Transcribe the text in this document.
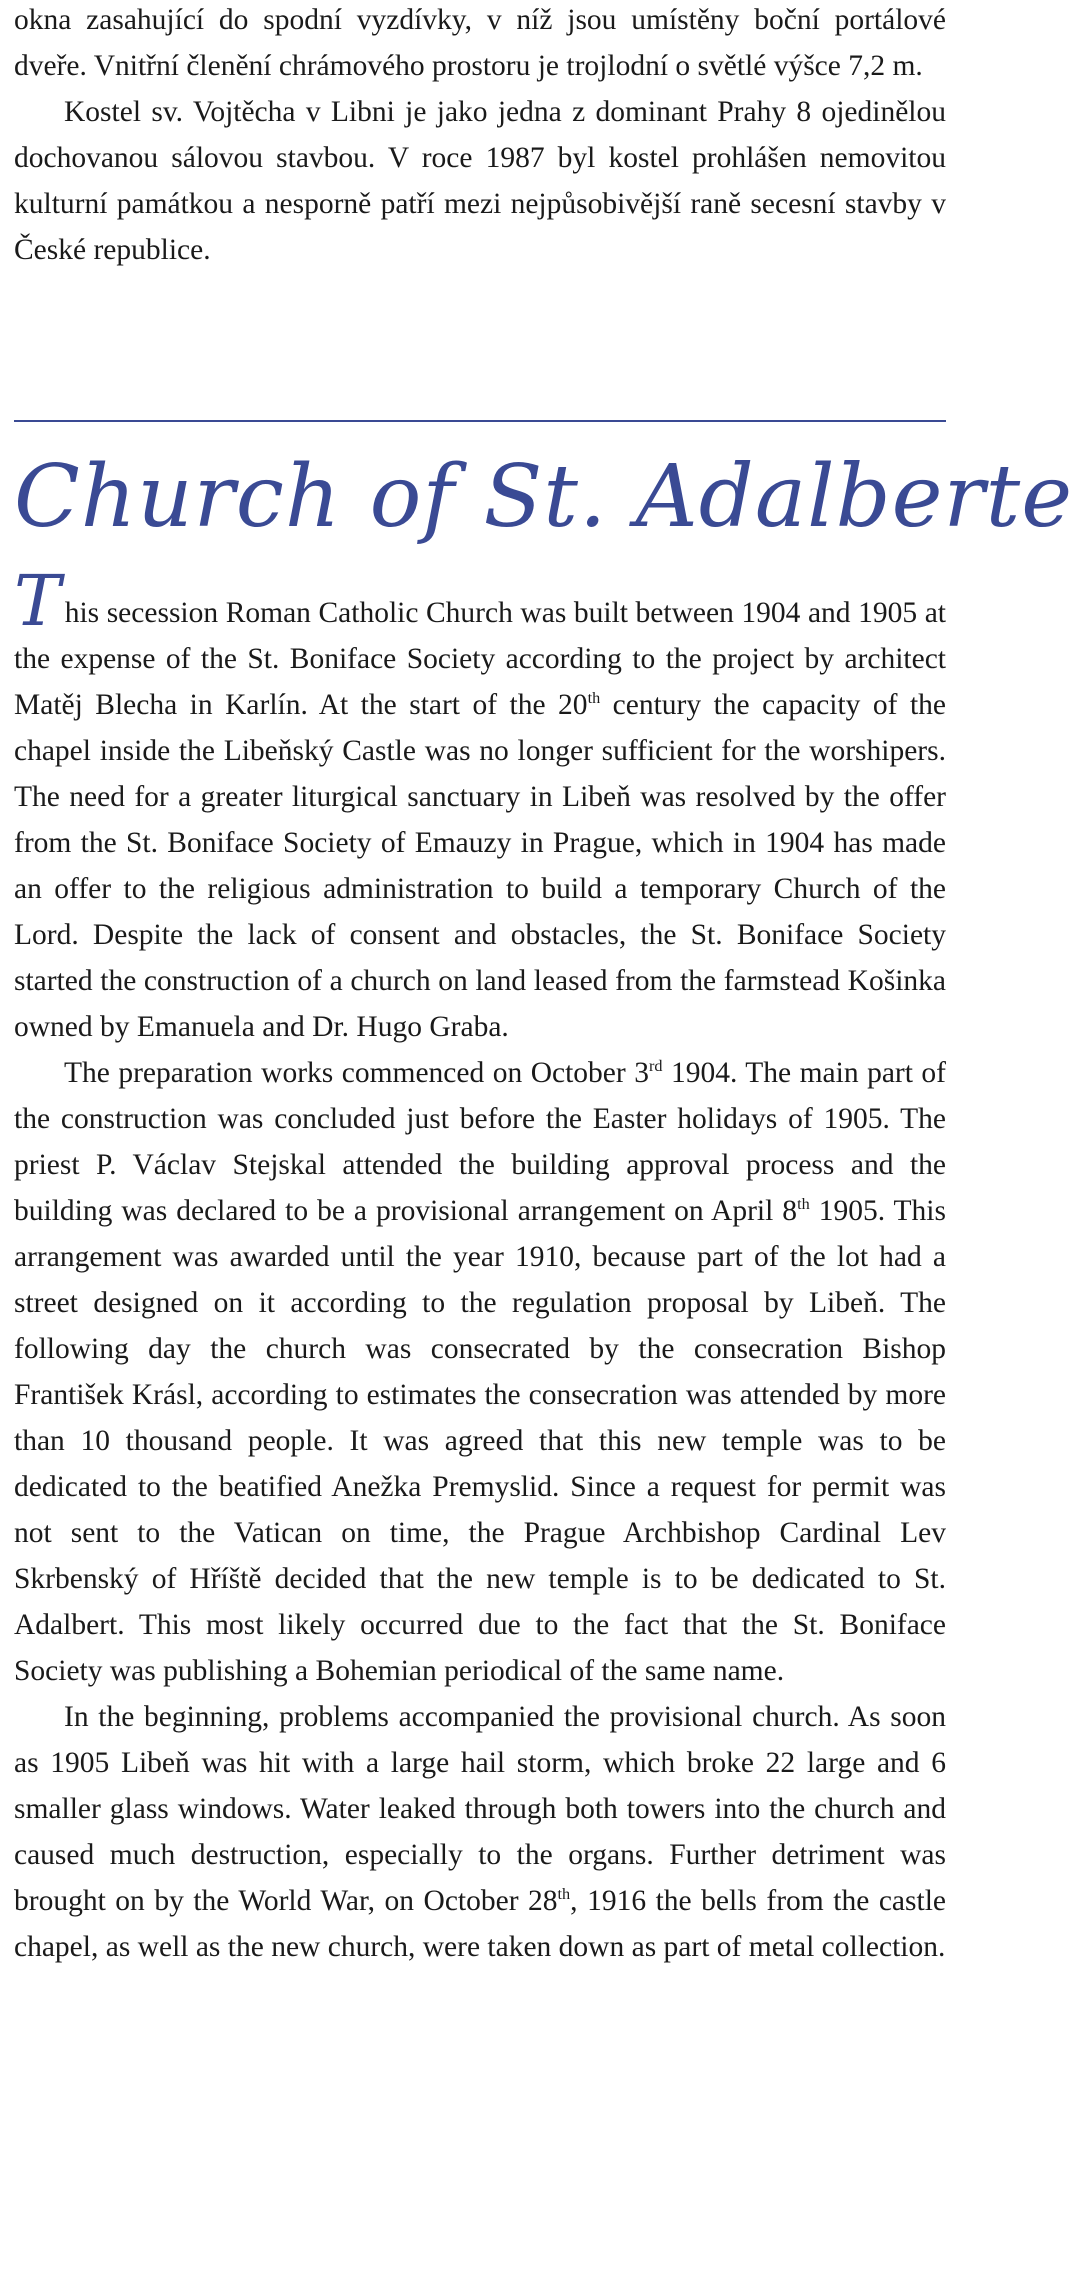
okna zasahující do spodní vyzdívky, v níž jsou umístěny boční portálové dveře. Vnitřní členění chrámového prostoru je trojlodní o světlé výšce 7,2 m.

Kostel sv. Vojtěcha v Libni je jako jedna z dominant Prahy 8 ojedinělou dochovanou sálovou stavbou. V roce 1987 byl kostel prohlášen nemovitou kulturní památkou a nesporně patří mezi nejpůsobivější raně secesní stavby v České republice.

Church of St. Adalberte

This secession Roman Catholic Church was built between 1904 and 1905 at the expense of the St. Boniface Society according to the project by architect Matěj Blecha in Karlín. At the start of the 20th century the capacity of the chapel inside the Libeňský Castle was no longer sufficient for the worshipers. The need for a greater liturgical sanctuary in Libeň was resolved by the offer from the St. Boniface Society of Emauzy in Prague, which in 1904 has made an offer to the religious administration to build a temporary Church of the Lord. Despite the lack of consent and obstacles, the St. Boniface Society started the construction of a church on land leased from the farmstead Košinka owned by Emanuela and Dr. Hugo Graba.

The preparation works commenced on October 3rd 1904. The main part of the construction was concluded just before the Easter holidays of 1905. The priest P. Václav Stejskal attended the building approval process and the building was declared to be a provisional arrangement on April 8th 1905. This arrangement was awarded until the year 1910, because part of the lot had a street designed on it according to the regulation proposal by Libeň. The following day the church was consecrated by the consecration Bishop František Krásl, according to estimates the consecration was attended by more than 10 thousand people. It was agreed that this new temple was to be dedicated to the beatified Anežka Premyslid. Since a request for permit was not sent to the Vatican on time, the Prague Archbishop Cardinal Lev Skrbenský of Hříště decided that the new temple is to be dedicated to St. Adalbert. This most likely occurred due to the fact that the St. Boniface Society was publishing a Bohemian periodical of the same name.

In the beginning, problems accompanied the provisional church. As soon as 1905 Libeň was hit with a large hail storm, which broke 22 large and 6 smaller glass windows. Water leaked through both towers into the church and caused much destruction, especially to the organs. Further detriment was brought on by the World War, on October 28th, 1916 the bells from the castle chapel, as well as the new church, were taken down as part of metal collection.
